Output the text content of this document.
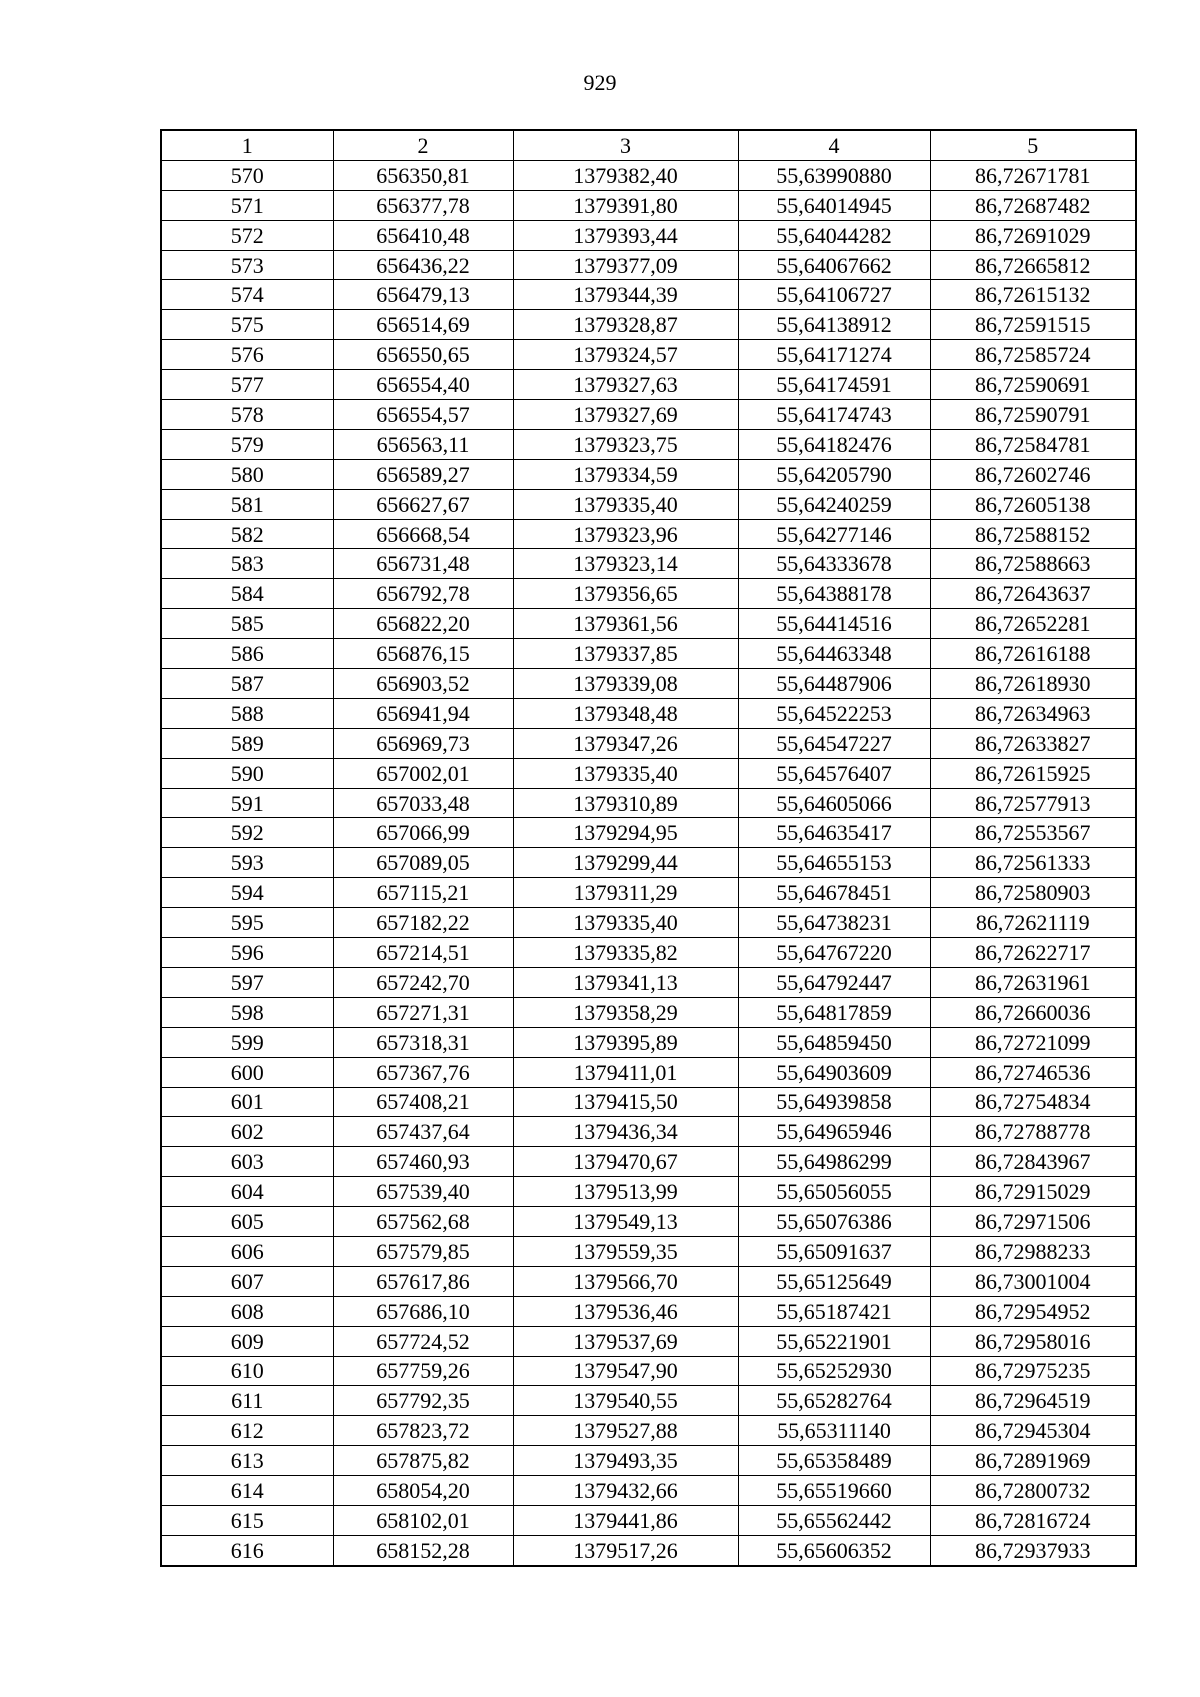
929
1	2	3	4	5
570	656350,81	1379382,40	55,63990880	86,72671781
571	656377,78	1379391,80	55,64014945	86,72687482
572	656410,48	1379393,44	55,64044282	86,72691029
573	656436,22	1379377,09	55,64067662	86,72665812
574	656479,13	1379344,39	55,64106727	86,72615132
575	656514,69	1379328,87	55,64138912	86,72591515
576	656550,65	1379324,57	55,64171274	86,72585724
577	656554,40	1379327,63	55,64174591	86,72590691
578	656554,57	1379327,69	55,64174743	86,72590791
579	656563,11	1379323,75	55,64182476	86,72584781
580	656589,27	1379334,59	55,64205790	86,72602746
581	656627,67	1379335,40	55,64240259	86,72605138
582	656668,54	1379323,96	55,64277146	86,72588152
583	656731,48	1379323,14	55,64333678	86,72588663
584	656792,78	1379356,65	55,64388178	86,72643637
585	656822,20	1379361,56	55,64414516	86,72652281
586	656876,15	1379337,85	55,64463348	86,72616188
587	656903,52	1379339,08	55,64487906	86,72618930
588	656941,94	1379348,48	55,64522253	86,72634963
589	656969,73	1379347,26	55,64547227	86,72633827
590	657002,01	1379335,40	55,64576407	86,72615925
591	657033,48	1379310,89	55,64605066	86,72577913
592	657066,99	1379294,95	55,64635417	86,72553567
593	657089,05	1379299,44	55,64655153	86,72561333
594	657115,21	1379311,29	55,64678451	86,72580903
595	657182,22	1379335,40	55,64738231	86,72621119
596	657214,51	1379335,82	55,64767220	86,72622717
597	657242,70	1379341,13	55,64792447	86,72631961
598	657271,31	1379358,29	55,64817859	86,72660036
599	657318,31	1379395,89	55,64859450	86,72721099
600	657367,76	1379411,01	55,64903609	86,72746536
601	657408,21	1379415,50	55,64939858	86,72754834
602	657437,64	1379436,34	55,64965946	86,72788778
603	657460,93	1379470,67	55,64986299	86,72843967
604	657539,40	1379513,99	55,65056055	86,72915029
605	657562,68	1379549,13	55,65076386	86,72971506
606	657579,85	1379559,35	55,65091637	86,72988233
607	657617,86	1379566,70	55,65125649	86,73001004
608	657686,10	1379536,46	55,65187421	86,72954952
609	657724,52	1379537,69	55,65221901	86,72958016
610	657759,26	1379547,90	55,65252930	86,72975235
611	657792,35	1379540,55	55,65282764	86,72964519
612	657823,72	1379527,88	55,65311140	86,72945304
613	657875,82	1379493,35	55,65358489	86,72891969
614	658054,20	1379432,66	55,65519660	86,72800732
615	658102,01	1379441,86	55,65562442	86,72816724
616	658152,28	1379517,26	55,65606352	86,72937933
